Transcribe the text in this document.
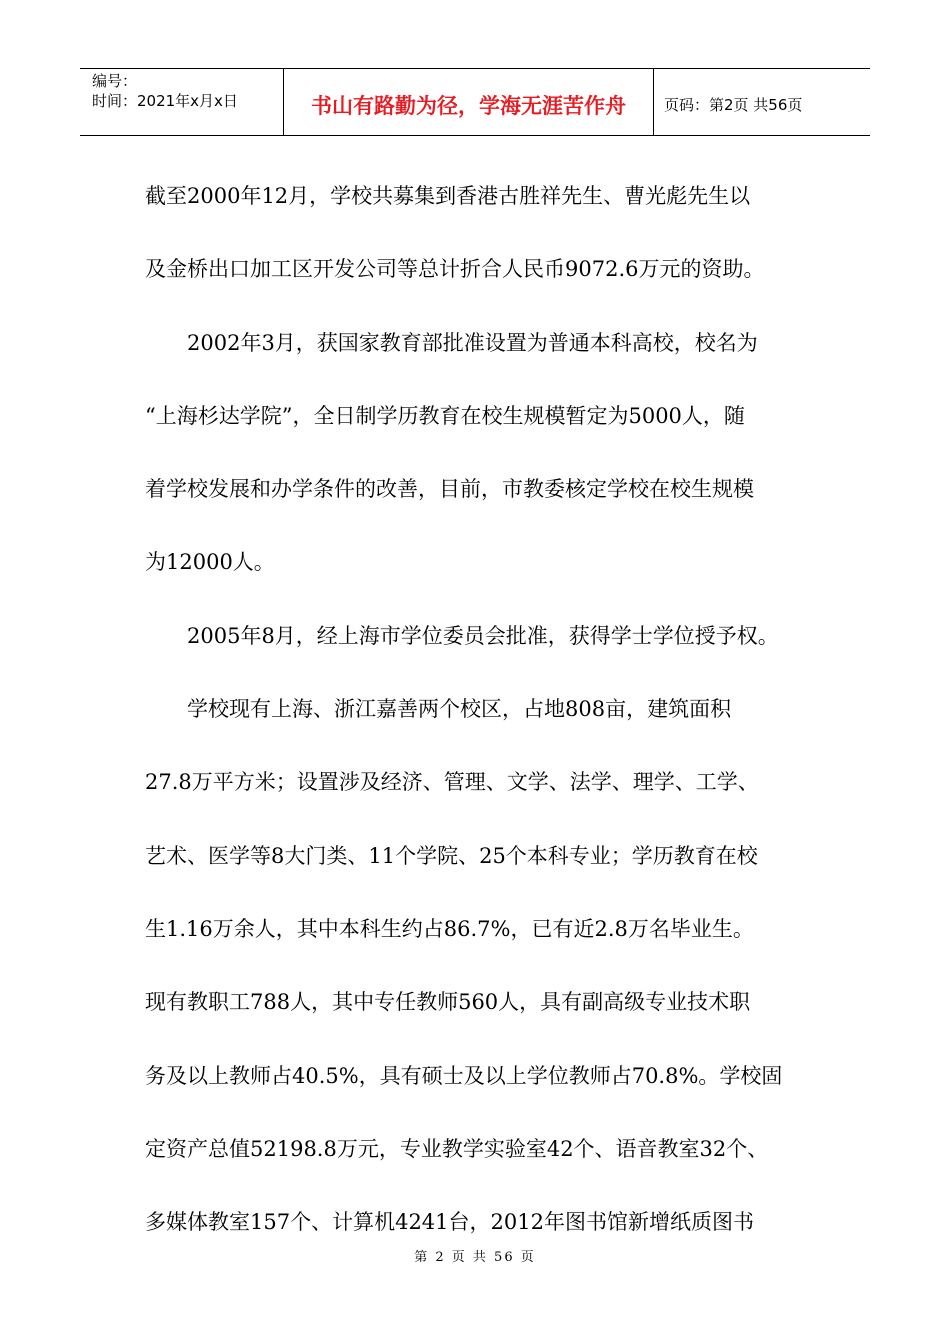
编号：
时间：2021年x月x日	书山有路勤为径，学海无涯苦作舟	页码：第2页 共56页

截至2000年12月，学校共募集到香港古胜祥先生、曹光彪先生以

及金桥出口加工区开发公司等总计折合人民币9072.6万元的资助。

2002年3月，获国家教育部批准设置为普通本科高校，校名为

“上海杉达学院”，全日制学历教育在校生规模暂定为5000人，随

着学校发展和办学条件的改善，目前，市教委核定学校在校生规模

为12000人。

2005年8月，经上海市学位委员会批准，获得学士学位授予权。

学校现有上海、浙江嘉善两个校区，占地808亩，建筑面积

27.8万平方米；设置涉及经济、管理、文学、法学、理学、工学、

艺术、医学等8大门类、11个学院、25个本科专业；学历教育在校

生1.16万余人，其中本科生约占86.7%，已有近2.8万名毕业生。

现有教职工788人，其中专任教师560人，具有副高级专业技术职

务及以上教师占40.5%，具有硕士及以上学位教师占70.8%。学校固

定资产总值52198.8万元，专业教学实验室42个、语音教室32个、

多媒体教室157个、计算机4241台，2012年图书馆新增纸质图书

第 2 页 共 56 页
